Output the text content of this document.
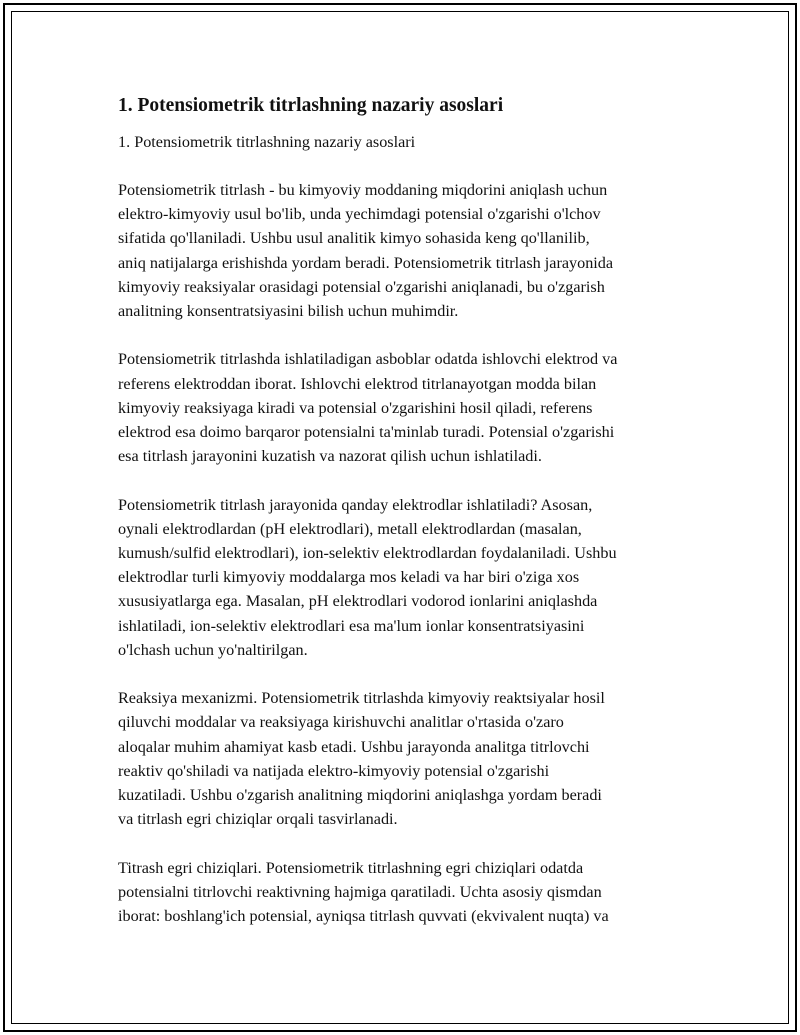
1. Potensiometrik titrlashning nazariy asoslari

1. Potensiometrik titrlashning nazariy asoslari

Potensiometrik titrlash - bu kimyoviy moddaning miqdorini aniqlash uchun
elektro-kimyoviy usul bo'lib, unda yechimdagi potensial o'zgarishi o'lchov
sifatida qo'llaniladi. Ushbu usul analitik kimyo sohasida keng qo'llanilib,
aniq natijalarga erishishda yordam beradi. Potensiometrik titrlash jarayonida
kimyoviy reaksiyalar orasidagi potensial o'zgarishi aniqlanadi, bu o'zgarish
analitning konsentratsiyasini bilish uchun muhimdir.

Potensiometrik titrlashda ishlatiladigan asboblar odatda ishlovchi elektrod va
referens elektroddan iborat. Ishlovchi elektrod titrlanayotgan modda bilan
kimyoviy reaksiyaga kiradi va potensial o'zgarishini hosil qiladi, referens
elektrod esa doimo barqaror potensialni ta'minlab turadi. Potensial o'zgarishi
esa titrlash jarayonini kuzatish va nazorat qilish uchun ishlatiladi.

Potensiometrik titrlash jarayonida qanday elektrodlar ishlatiladi? Asosan,
oynali elektrodlardan (pH elektrodlari), metall elektrodlardan (masalan,
kumush/sulfid elektrodlari), ion-selektiv elektrodlardan foydalaniladi. Ushbu
elektrodlar turli kimyoviy moddalarga mos keladi va har biri o'ziga xos
xususiyatlarga ega. Masalan, pH elektrodlari vodorod ionlarini aniqlashda
ishlatiladi, ion-selektiv elektrodlari esa ma'lum ionlar konsentratsiyasini
o'lchash uchun yo'naltirilgan.

Reaksiya mexanizmi. Potensiometrik titrlashda kimyoviy reaktsiyalar hosil
qiluvchi moddalar va reaksiyaga kirishuvchi analitlar o'rtasida o'zaro
aloqalar muhim ahamiyat kasb etadi. Ushbu jarayonda analitga titrlovchi
reaktiv qo'shiladi va natijada elektro-kimyoviy potensial o'zgarishi
kuzatiladi. Ushbu o'zgarish analitning miqdorini aniqlashga yordam beradi
va titrlash egri chiziqlar orqali tasvirlanadi.

Titrash egri chiziqlari. Potensiometrik titrlashning egri chiziqlari odatda
potensialni titrlovchi reaktivning hajmiga qaratiladi. Uchta asosiy qismdan
iborat: boshlang'ich potensial, ayniqsa titrlash quvvati (ekvivalent nuqta) va
